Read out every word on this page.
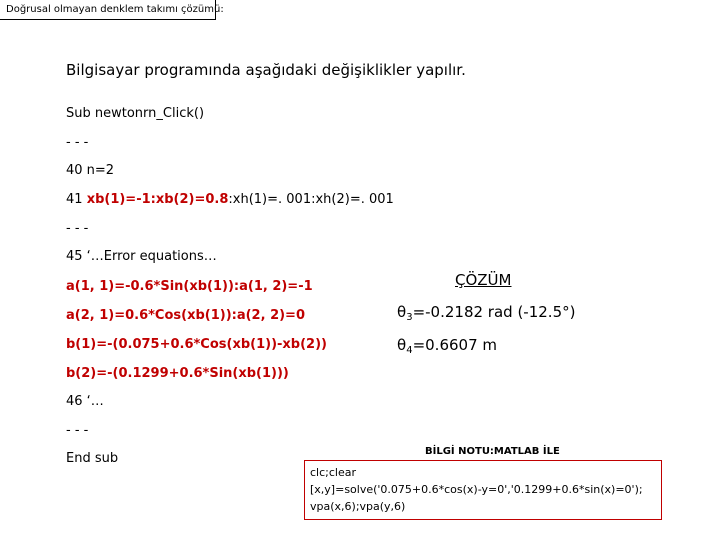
Doğrusal olmayan denklem takımı çözümü:
Bilgisayar programında aşağıdaki değişiklikler yapılır.
Sub newtonrn_Click()
- - -
40 n=2
41 xb(1)=-1:xb(2)=0.8:xh(1)=. 001:xh(2)=. 001
- - -
45 ‘…Error equations…
a(1, 1)=-0.6*Sin(xb(1)):a(1, 2)=-1
a(2, 1)=0.6*Cos(xb(1)):a(2, 2)=0
b(1)=-(0.075+0.6*Cos(xb(1))-xb(2))
b(2)=-(0.1299+0.6*Sin(xb(1)))
46 ‘…
- - -
End sub
ÇÖZÜM
$\theta_3=-0.2182$ rad (-12.5°)
$\theta_4=0.6607$ m
BİLGİ NOTU:MATLAB İLE
clc;clear
[x,y]=solve('0.075+0.6*cos(x)-y=0','0.1299+0.6*sin(x)=0');
vpa(x,6);vpa(y,6)
